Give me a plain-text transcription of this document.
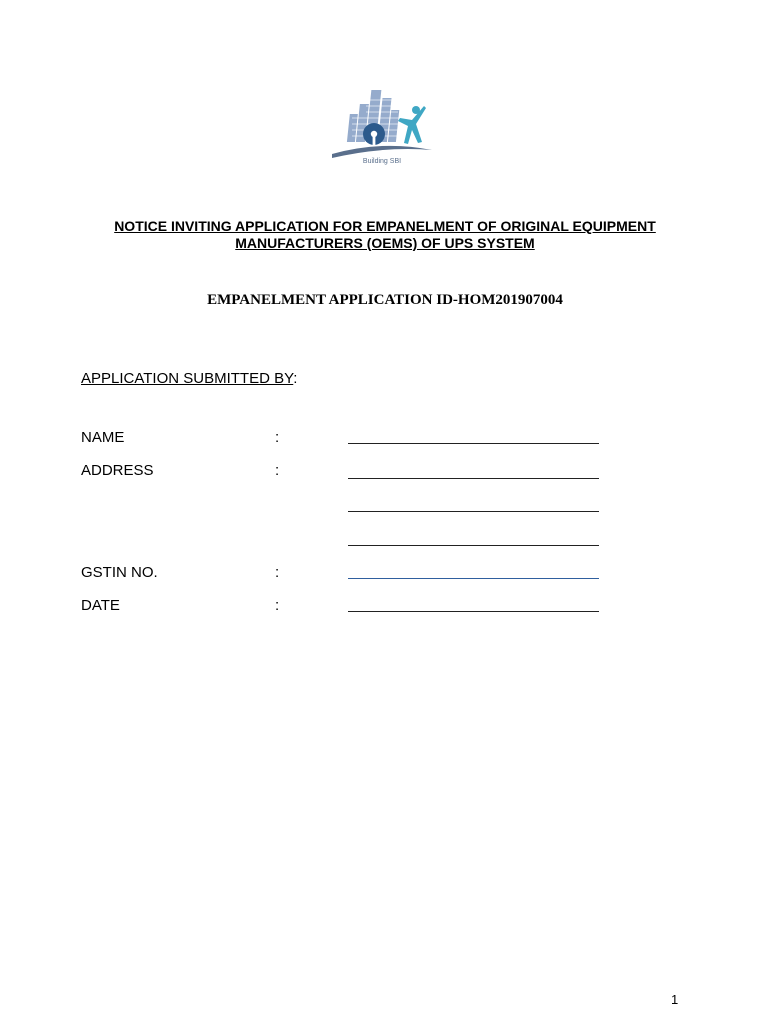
Building SBI
NOTICE INVITING APPLICATION FOR EMPANELMENT OF ORIGINAL EQUIPMENT
MANUFACTURERS (OEMS) OF UPS SYSTEM
EMPANELMENT APPLICATION ID-HOM201907004
APPLICATION SUBMITTED BY:
NAME	:
ADDRESS	:
GSTIN NO.	:
DATE	:
1
